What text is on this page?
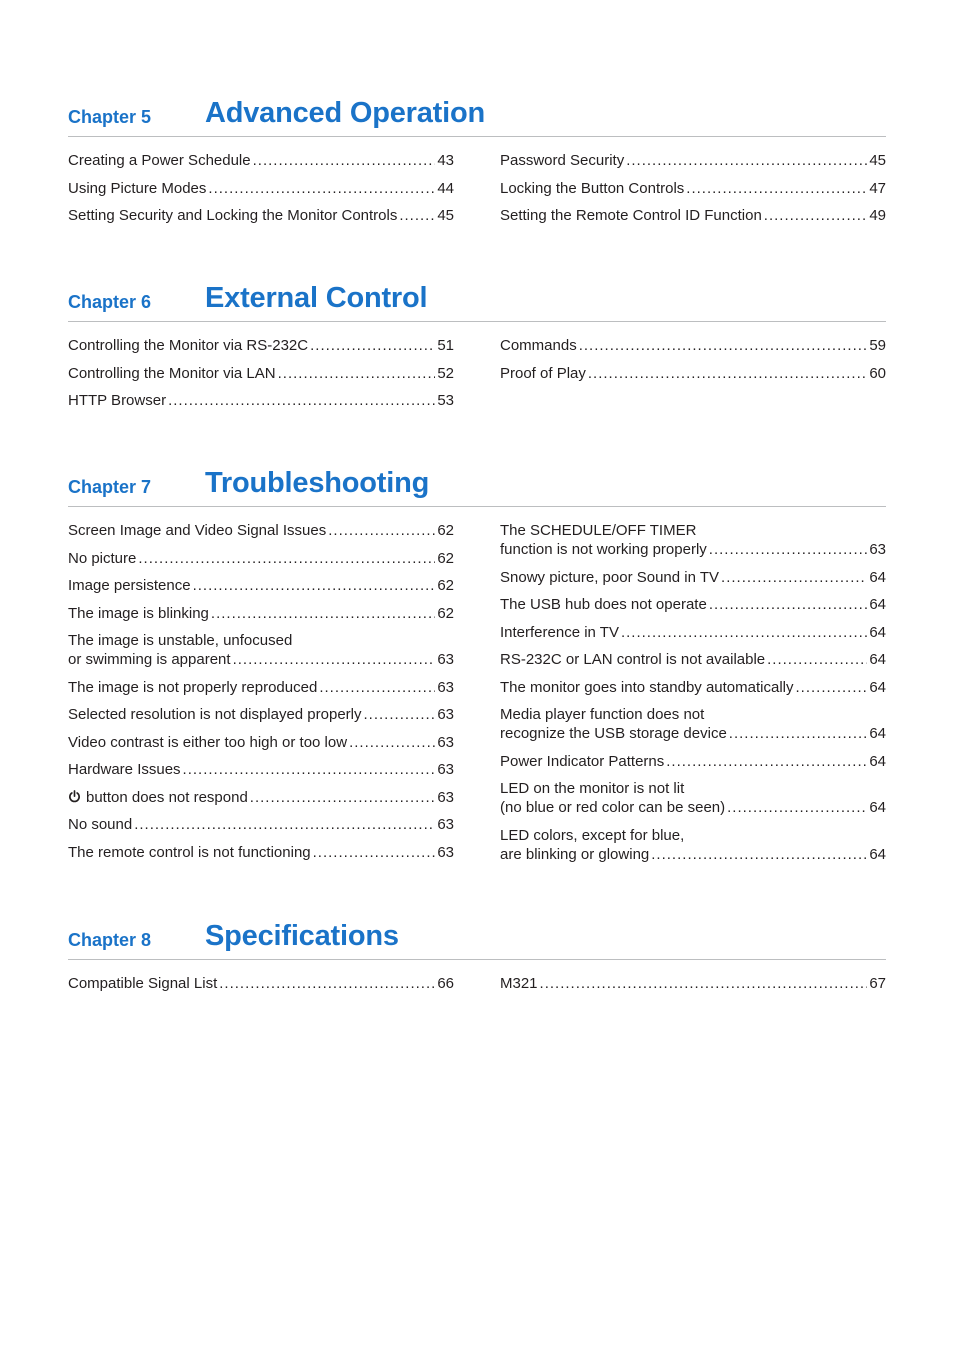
Chapter 5 Advanced Operation
Creating a Power Schedule .....	43
Using Picture Modes .....	44
Setting Security and Locking the Monitor Controls .....	45
Password Security .....	45
Locking the Button Controls .....	47
Setting the Remote Control ID Function .....	49
Chapter 6 External Control
Controlling the Monitor via RS-232C .....	51
Controlling the Monitor via LAN .....	52
HTTP Browser .....	53
Commands .....	59
Proof of Play .....	60
Chapter 7 Troubleshooting
Screen Image and Video Signal Issues .....	62
No picture .....	62
Image persistence .....	62
The image is blinking .....	62
The image is unstable, unfocused
or swimming is apparent .....	63
The image is not properly reproduced .....	63
Selected resolution is not displayed properly .....	63
Video contrast is either too high or too low .....	63
Hardware Issues .....	63
button does not respond .....	63
No sound .....	63
The remote control is not functioning .....	63
The SCHEDULE/OFF TIMER
function is not working properly .....	63
Snowy picture, poor Sound in TV .....	64
The USB hub does not operate .....	64
Interference in TV .....	64
RS-232C or LAN control is not available .....	64
The monitor goes into standby automatically .....	64
Media player function does not
recognize the USB storage device .....	64
Power Indicator Patterns .....	64
LED on the monitor is not lit
(no blue or red color can be seen) .....	64
LED colors, except for blue,
are blinking or glowing .....	64
Chapter 8 Specifications
Compatible Signal List .....	66	M321 .....	67
